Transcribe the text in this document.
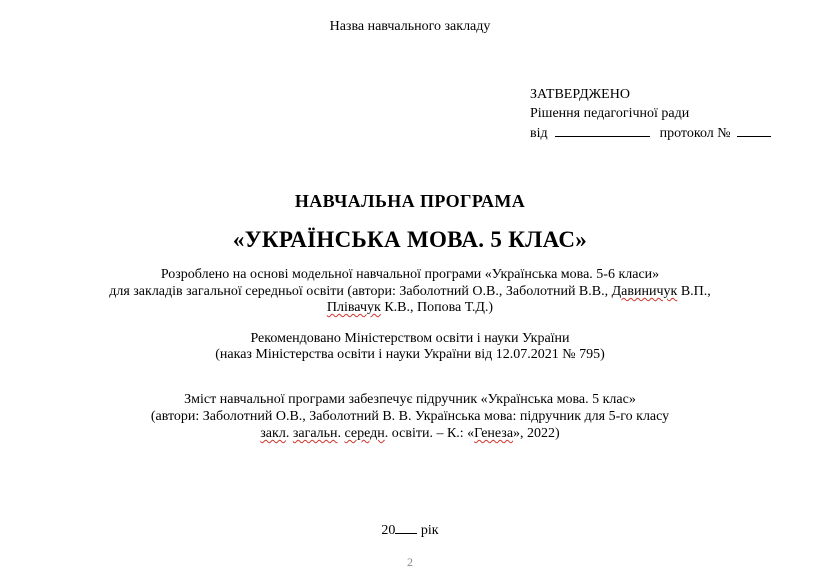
Назва навчального закладу
ЗАТВЕРДЖЕНО
Рішення педагогічної ради
від	протокол №
НАВЧАЛЬНА ПРОГРАМА
«УКРАЇНСЬКА МОВА. 5 КЛАС»
Розроблено на основі модельної навчальної програми «Українська мова. 5-6 класи»
для закладів загальної середньої освіти (автори: Заболотний О.В., Заболотний В.В., Давиничук В.П.,
Плівачук К.В., Попова Т.Д.)
Рекомендовано Міністерством освіти і науки України
(наказ Міністерства освіти і науки України від 12.07.2021 № 795)
Зміст навчальної програми забезпечує підручник «Українська мова. 5 клас»
(автори: Заболотний О.В., Заболотний В. В. Українська мова: підручник для 5-го класу
закл. загальн. середн. освіти. – К.: «Генеза», 2022)
20 рік
2
